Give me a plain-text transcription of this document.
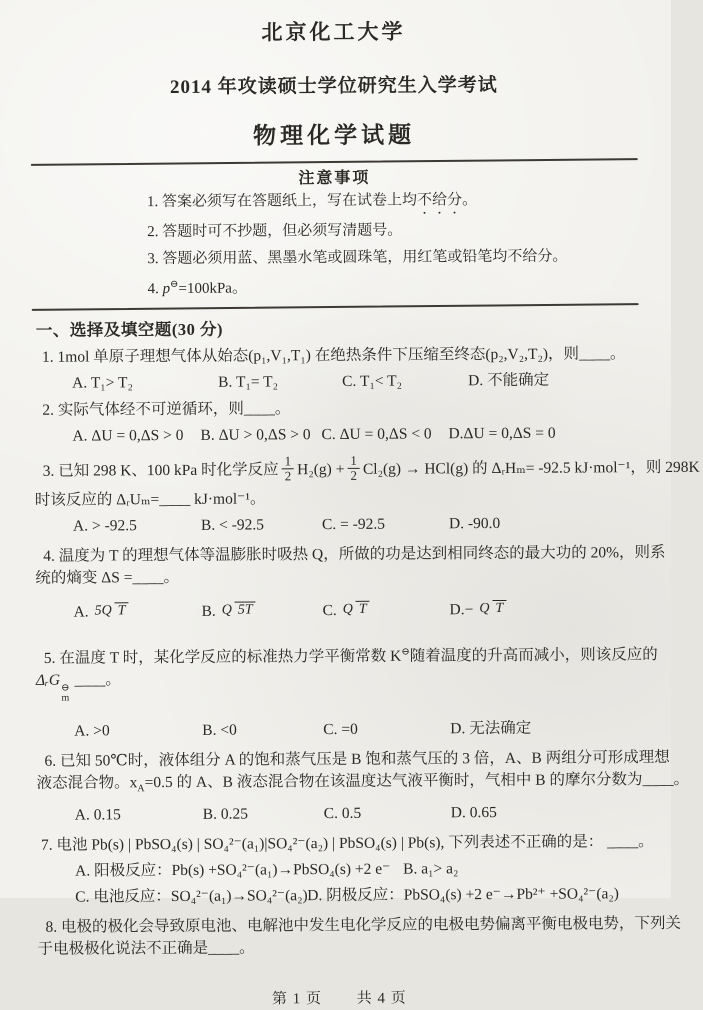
北京化工大学
2014 年攻读硕士学位研究生入学考试
物理化学试题
注意事项
1. 答案必须写在答题纸上，写在试卷上均不给分。
2. 答题时可不抄题，但必须写清题号。
3. 答题必须用蓝、黑墨水笔或圆珠笔，用红笔或铅笔均不给分。
4. p⊖=100kPa。
一、选择及填空题(30 分)
1. 1mol 单原子理想气体从始态(p₁,V₁,T₁) 在绝热条件下压缩至终态(p₂,V₂,T₂)，则____。
A. T₁> T₂	B. T₁= T₂	C. T₁< T₂	D. 不能确定
2. 实际气体经不可逆循环，则____。
A. ΔU = 0,ΔS > 0	B. ΔU > 0,ΔS > 0 C. ΔU = 0,ΔS < 0	D.ΔU = 0,ΔS = 0
3. 已知 298 K、100 kPa 时化学反应 $\frac{1}{2} H_2(g) + \frac{1}{2} Cl_2(g) \to HCl(g)$ 的 ΔᵣHₘ= -92.5 kJ·mol⁻¹，则 298K
时该反应的 ΔᵣUₘ=____ kJ·mol⁻¹。
A. > -92.5	B. < -92.5	C. = -92.5	D. -90.0
4. 温度为 T 的理想气体等温膨胀时吸热 Q，所做的功是达到相同终态的最大功的 20%，则系
统的熵变 ΔS =____。
A.5Q T	B.Q 5T	C.Q T	D.− Q T
5. 在温度 T 时，某化学反应的标准热力学平衡常数 K⊖随着温度的升高而减小，则该反应的
ΔᵣG ⊖
m
____。
A. >0	B. <0	C. =0	D. 无法确定
6. 已知 50℃时，液体组分 A 的饱和蒸气压是 B 饱和蒸气压的 3 倍，A、B 两组分可形成理想
液态混合物。$x_A=0.5$ 的 A、B 液态混合物在该温度达气液平衡时，气相中 B 的摩尔分数为____。
A. 0.15	B. 0.25	C. 0.5	D. 0.65
7. 电池 Pb(s) | PbSO₄(s) | SO₄²⁻(a₁)|SO₄²⁻(a₂) | PbSO₄(s) | Pb(s), 下列表述不正确的是： ____。
A. 阳极反应：Pb(s) +SO₄²⁻(a₁)→PbSO₄(s) +2 e⁻ B. a₁> a₂
C. 电池反应：SO₄²⁻(a₁)→SO₄²⁻(a₂) D. 阴极反应：PbSO₄(s) +2 e⁻→Pb²⁺ +SO₄²⁻(a₂)
8. 电极的极化会导致原电池、电解池中发生电化学反应的电极电势偏离平衡电极电势，下列关
于电极极化说法不正确是____。
第 1 页 共 4 页
